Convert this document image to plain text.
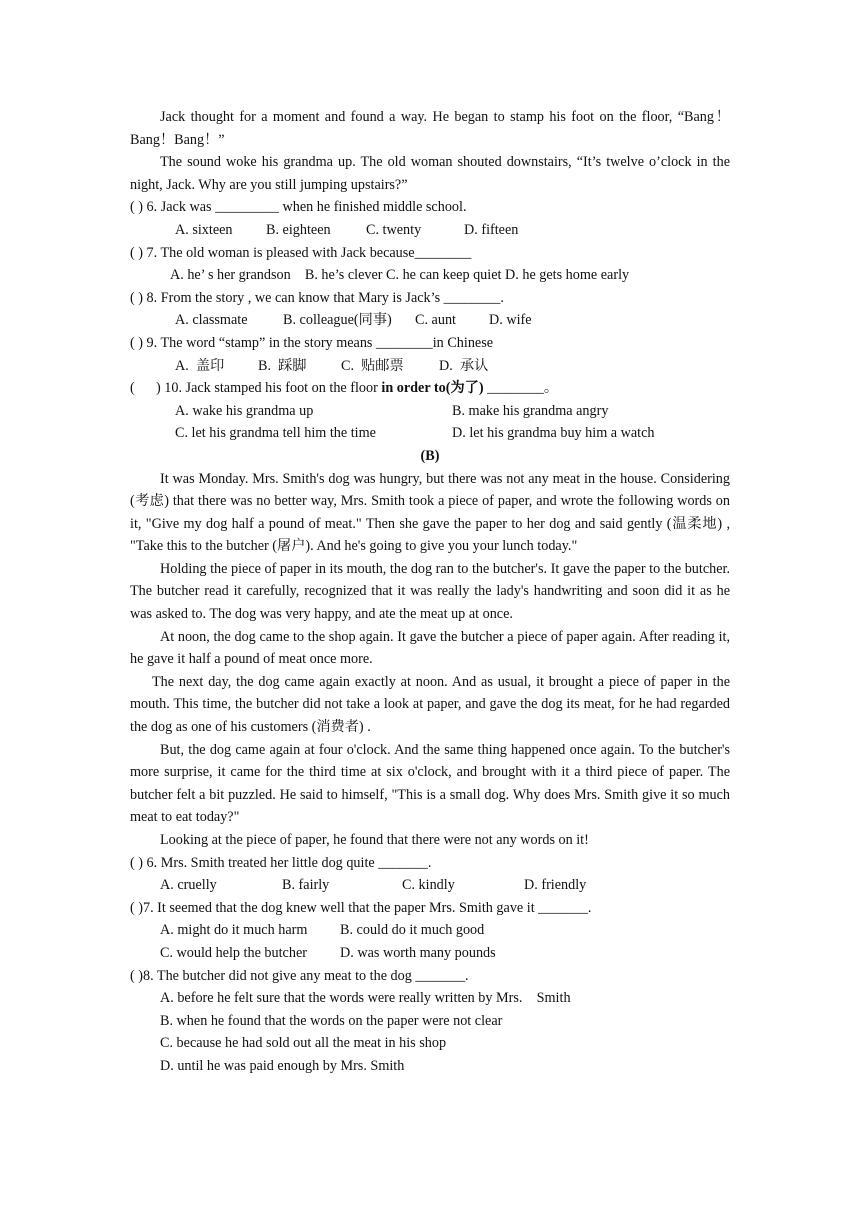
Jack thought for a moment and found a way. He began to stamp his foot on the floor, “Bang！Bang！Bang！”

The sound woke his grandma up. The old woman shouted downstairs, “It’s twelve o’clock in the night, Jack. Why are you still jumping upstairs?”

( ) 6. Jack was _________ when he finished middle school.

A. sixteen	B. eighteen	C. twenty	D. fifteen

( ) 7. The old woman is pleased with Jack because________

A. he’ s her grandson    B. he’s clever C. he can keep quiet D. he gets home early

( ) 8. From the story , we can know that Mary is Jack’s ________.

A. classmate	B. colleague(同事)	C. aunt	D. wife

( ) 9. The word “stamp” in the story means ________in Chinese

A.  盖印	B.  踩脚	C.  贴邮票	D.  承认

(      ) 10. Jack stamped his foot on the floor in order to(为了) ________。

A. wake his grandma up	B. make his grandma angry
C. let his grandma tell him the time	D. let his grandma buy him a watch

(B)

It was Monday. Mrs. Smith's dog was hungry, but there was not any meat in the house. Considering (考虑) that there was no better way, Mrs. Smith took a piece of paper, and wrote the following words on it, "Give my dog half a pound of meat." Then she gave the paper to her dog and said gently (温柔地) , "Take this to the butcher (屠户). And he's going to give you your lunch today."

Holding the piece of paper in its mouth, the dog ran to the butcher's. It gave the paper to the butcher. The butcher read it carefully, recognized that it was really the lady's handwriting and soon did it as he was asked to. The dog was very happy, and ate the meat up at once.

At noon, the dog came to the shop again. It gave the butcher a piece of paper again. After reading it, he gave it half a pound of meat once more.

The next day, the dog came again exactly at noon. And as usual, it brought a piece of paper in the mouth. This time, the butcher did not take a look at paper, and gave the dog its meat, for he had regarded the dog as one of his customers (消费者) .

But, the dog came again at four o'clock. And the same thing happened once again. To the butcher's more surprise, it came for the third time at six o'clock, and brought with it a third piece of paper. The butcher felt a bit puzzled. He said to himself, "This is a small dog. Why does Mrs. Smith give it so much meat to eat today?"

Looking at the piece of paper, he found that there were not any words on it!

( ) 6. Mrs. Smith treated her little dog quite _______.

A. cruelly	B. fairly	C. kindly	D. friendly

( )7. It seemed that the dog knew well that the paper Mrs. Smith gave it _______.

A. might do it much harm	B. could do it much good
C. would help the butcher	D. was worth many pounds

( )8. The butcher did not give any meat to the dog _______.

A. before he felt sure that the words were really written by Mrs.    Smith

B. when he found that the words on the paper were not clear

C. because he had sold out all the meat in his shop

D. until he was paid enough by Mrs. Smith
